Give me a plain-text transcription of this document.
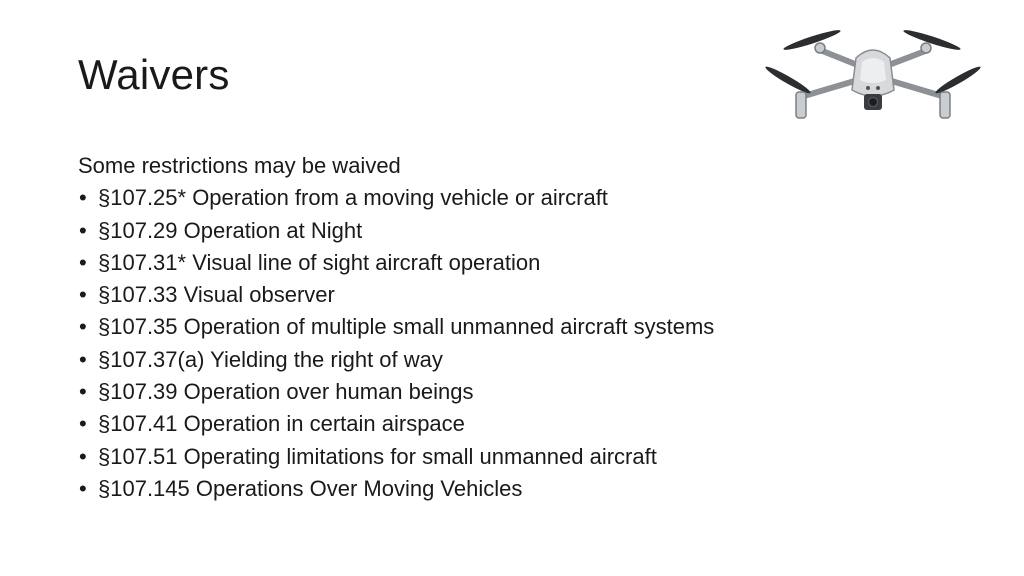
Waivers

Some restrictions may be waived

• §107.25* Operation from a moving vehicle or aircraft
• §107.29 Operation at Night
• §107.31* Visual line of sight aircraft operation
• §107.33 Visual observer
• §107.35 Operation of multiple small unmanned aircraft systems
• §107.37(a) Yielding the right of way
• §107.39 Operation over human beings
• §107.41 Operation in certain airspace
• §107.51 Operating limitations for small unmanned aircraft
• §107.145 Operations Over Moving Vehicles
